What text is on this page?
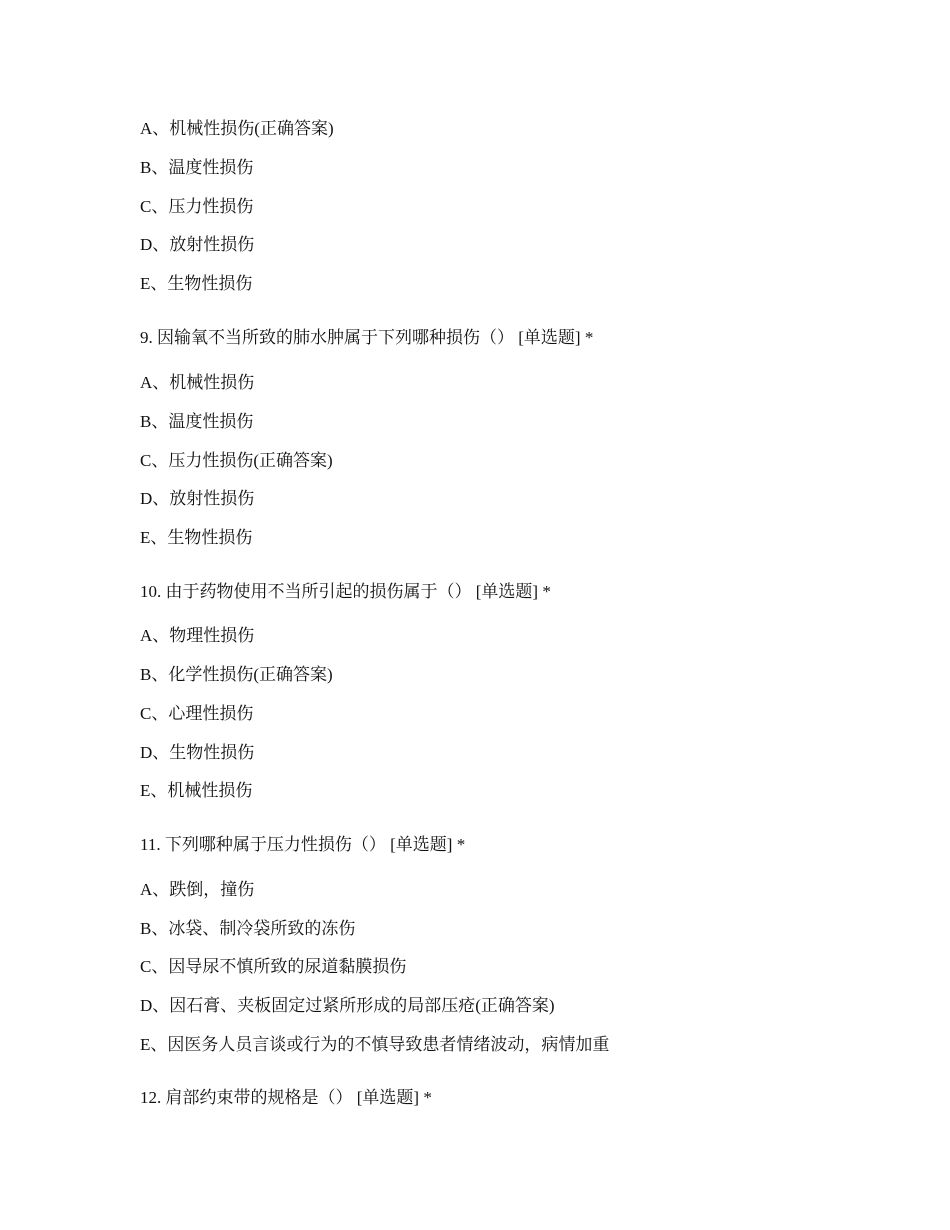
A、机械性损伤(正确答案)
B、温度性损伤
C、压力性损伤
D、放射性损伤
E、生物性损伤
9. 因输氧不当所致的肺水肿属于下列哪种损伤（） [单选题] *
A、机械性损伤
B、温度性损伤
C、压力性损伤(正确答案)
D、放射性损伤
E、生物性损伤
10. 由于药物使用不当所引起的损伤属于（） [单选题] *
A、物理性损伤
B、化学性损伤(正确答案)
C、心理性损伤
D、生物性损伤
E、机械性损伤
11. 下列哪种属于压力性损伤（） [单选题] *
A、跌倒，撞伤
B、冰袋、制冷袋所致的冻伤
C、因导尿不慎所致的尿道黏膜损伤
D、因石膏、夹板固定过紧所形成的局部压疮(正确答案)
E、因医务人员言谈或行为的不慎导致患者情绪波动，病情加重
12. 肩部约束带的规格是（） [单选题] *
